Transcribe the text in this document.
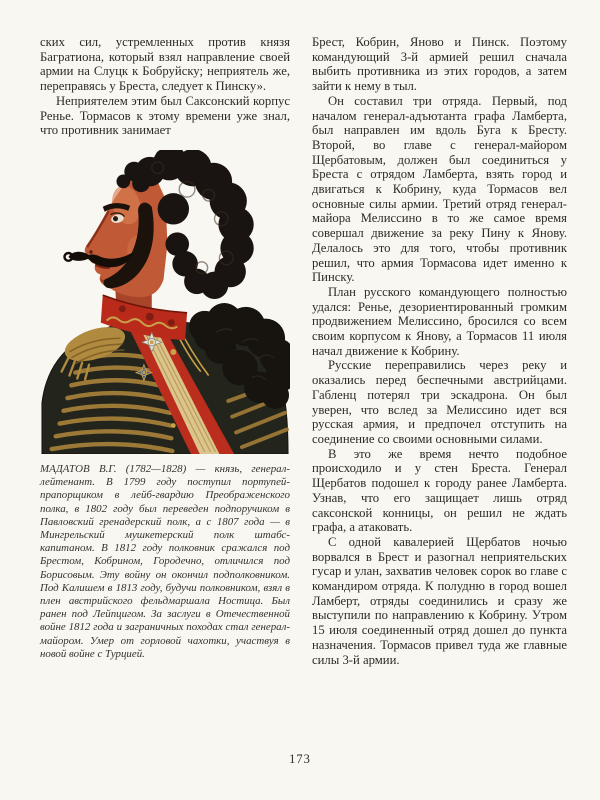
ских сил, устремленных против князя Багратиона, который взял направление своей армии на Слуцк к Бобруйску; неприятель же, переправясь у Бреста, следует к Пинску».

Неприятелем этим был Саксонский корпус Ренье. Тормасов к этому времени уже знал, что противник занимает

МАДАТОВ В.Г. (1782—1828) — князь, генерал-лейтенант. В 1799 году поступил портупей-прапорщиком в лейб-гвардию Преображенского полка, в 1802 году был переведен подпоручиком в Павловский гренадерский полк, а с 1807 года — в Мингрельский мушкетерский полк штабс-капитаном. В 1812 году полковник сражался под Брестом, Кобрином, Городечно, отличился под Борисовым. Эту войну он окончил подполковником. Под Калишем в 1813 году, будучи полковником, взял в плен австрийского фельдмаршала Ностица. Был ранен под Лейпцигом. За заслуги в Отечественной войне 1812 года и заграничных походах стал генерал-майором. Умер от горловой чахотки, участвуя в новой войне с Турцией.

Брест, Кобрин, Яново и Пинск. Поэтому командующий 3-й армией решил сначала выбить противника из этих городов, а затем зайти к нему в тыл.

Он составил три отряда. Первый, под началом генерал-адъютанта графа Ламберта, был направлен им вдоль Буга к Бресту. Второй, во главе с генерал-майором Щербатовым, должен был соединиться у Бреста с отрядом Ламберта, взять город и двигаться к Кобрину, куда Тормасов вел основные силы армии. Третий отряд генерал-майора Мелиссино в то же самое время совершал движение за реку Пину к Янову. Делалось это для того, чтобы противник решил, что армия Тормасова идет именно к Пинску.

План русского командующего полностью удался: Ренье, дезориентированный громким продвижением Мелиссино, бросился со всем своим корпусом к Янову, а Тормасов 11 июля начал движение к Кобрину.

Русские переправились через реку и оказались перед беспечными австрийцами. Габленц потерял три эскадрона. Он был уверен, что вслед за Мелиссино идет вся русская армия, и предпочел отступить на соединение со своими основными силами.

В это же время нечто подобное происходило и у стен Бреста. Генерал Щербатов подошел к городу ранее Ламберта. Узнав, что его защищает лишь отряд саксонской конницы, он решил не ждать графа, а атаковать.

С одной кавалерией Щербатов ночью ворвался в Брест и разогнал неприятельских гусар и улан, захватив человек сорок во главе с командиром отряда. К полудню в город вошел Ламберт, отряды соединились и сразу же выступили по направлению к Кобрину. Утром 15 июля соединенный отряд дошел до пункта назначения. Тормасов привел туда же главные силы 3-й армии.

173
